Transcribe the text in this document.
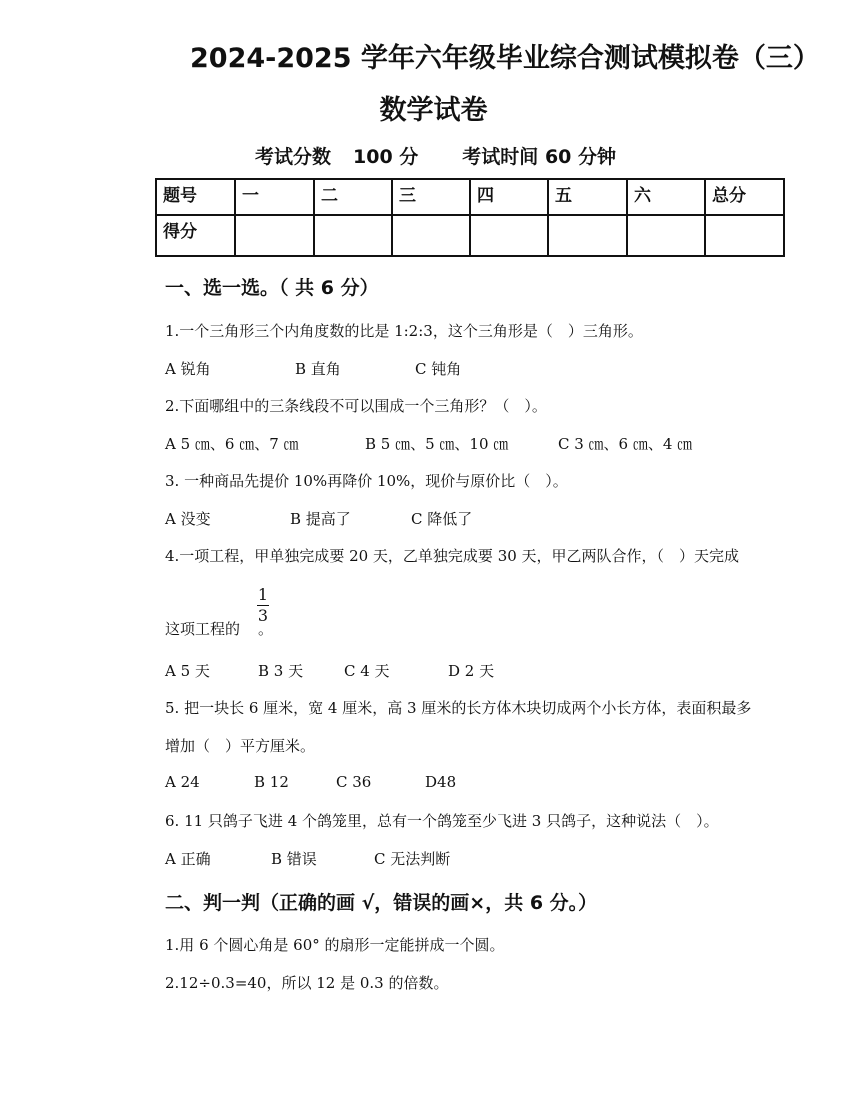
2024-2025 学年六年级毕业综合测试模拟卷（三）
数学试卷
考试分数 100 分 考试时间 60 分钟
题号	一	二	三	四	五	六	总分
得分							
一、选一选。（ 共 6 分）
1.一个三角形三个内角度数的比是 1:2:3，这个三角形是（　）三角形。
A 锐角	B 直角	C 钝角
2.下面哪组中的三条线段不可以围成一个三角形？（　）。
A 5 ㎝、6 ㎝、7 ㎝	B 5 ㎝、5 ㎝、10 ㎝	C 3 ㎝、6 ㎝、4 ㎝
3. 一种商品先提价 10%再降价 10%，现价与原价比（　）。
A 没变	B 提高了	C 降低了
4.一项工程，甲单独完成要 20 天，乙单独完成要 30 天，甲乙两队合作，（　）天完成
这项工程的 。
1
3
A 5 天	B 3 天	C 4 天	D 2 天
5. 把一块长 6 厘米，宽 4 厘米，高 3 厘米的长方体木块切成两个小长方体，表面积最多
增加（　）平方厘米。
A 24	B 12	C 36	D48
6. 11 只鸽子飞进 4 个鸽笼里，总有一个鸽笼至少飞进 3 只鸽子，这种说法（　）。
A 正确	B 错误	C 无法判断
二、判一判（正确的画 √，错误的画×，共 6 分。）
1.用 6 个圆心角是 60° 的扇形一定能拼成一个圆。
2.12÷0.3=40，所以 12 是 0.3 的倍数。
